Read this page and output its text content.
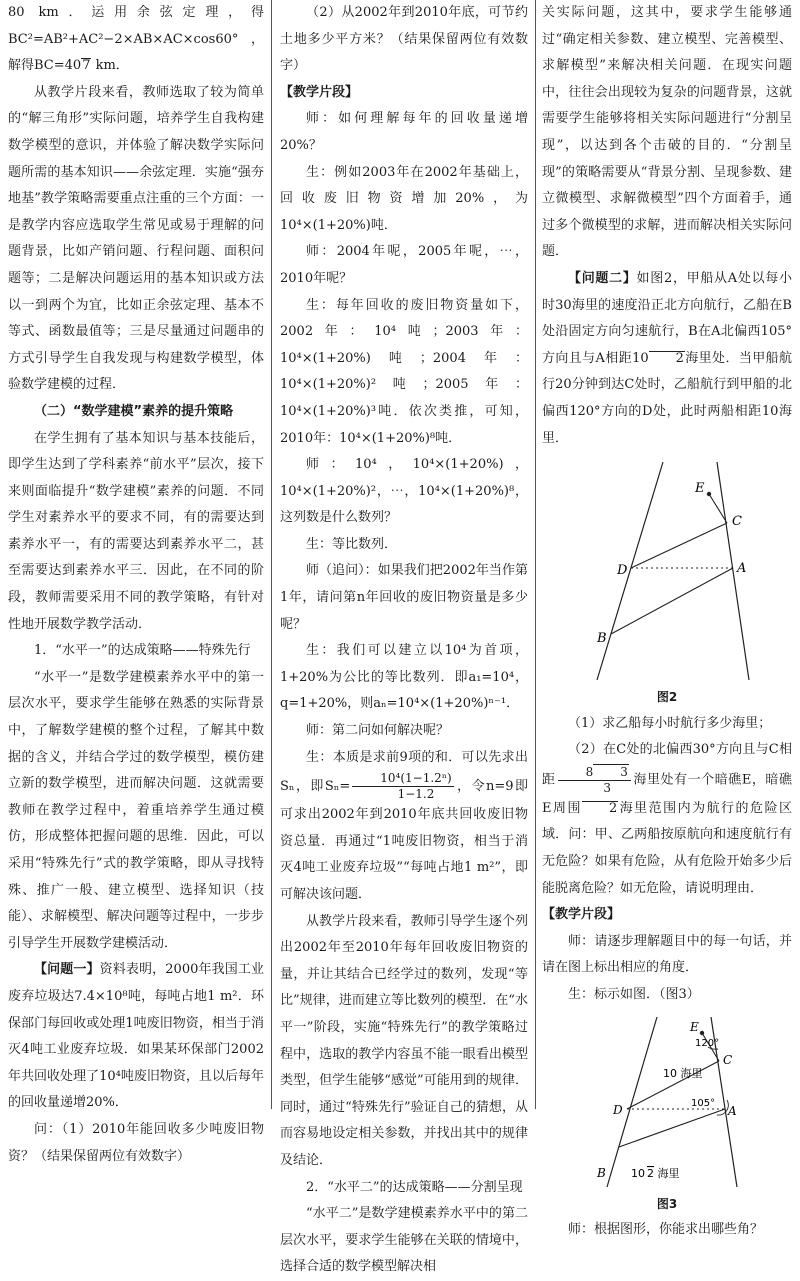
80 km．运用余弦定理，得BC²=AB²+AC²−2×AB×AC×cos60°，解得BC=407 km．

从教学片段来看，教师选取了较为简单的“解三角形”实际问题，培养学生自我构建数学模型的意识，并体验了解决数学实际问题所需的基本知识——余弦定理．实施“强夯地基”教学策略需要重点注重的三个方面：一是教学内容应选取学生常见或易于理解的问题背景，比如产销问题、行程问题、面积问题等；二是解决问题运用的基本知识或方法以一到两个为宜，比如正余弦定理、基本不等式、函数最值等；三是尽量通过问题串的方式引导学生自我发现与构建数学模型，体验数学建模的过程．

（二）“数学建模”素养的提升策略

在学生拥有了基本知识与基本技能后，即学生达到了学科素养“前水平”层次，接下来则面临提升“数学建模”素养的问题．不同学生对素养水平的要求不同，有的需要达到素养水平一，有的需要达到素养水平二，甚至需要达到素养水平三．因此，在不同的阶段，教师需要采用不同的教学策略，有针对性地开展数学教学活动．

1．“水平一”的达成策略——特殊先行

“水平一”是数学建模素养水平中的第一层次水平，要求学生能够在熟悉的实际背景中，了解数学建模的整个过程，了解其中数据的含义，并结合学过的数学模型，模仿建立新的数学模型，进而解决问题．这就需要教师在教学过程中，着重培养学生通过模仿，形成整体把握问题的思维．因此，可以采用“特殊先行”式的教学策略，即从寻找特殊、推广一般、建立模型、选择知识（技能）、求解模型、解决问题等过程中，一步步引导学生开展数学建模活动．

【问题一】资料表明，2000年我国工业废弃垃圾达7.4×10⁸吨，每吨占地1 m²．环保部门每回收或处理1吨废旧物资，相当于消灭4吨工业废弃垃圾．如果某环保部门2002年共回收处理了10⁴吨废旧物资，且以后每年的回收量递增20%．

问：（1）2010年能回收多少吨废旧物资？（结果保留两位有效数字）

（2）从2002年到2010年底，可节约土地多少平方米？（结果保留两位有效数字）

【教学片段】

师：如何理解每年的回收量递增20%？

生：例如2003年在2002年基础上，回收废旧物资增加20%，为10⁴×(1+20%)吨．

师：2004年呢，2005年呢，⋯，2010年呢？

生：每年回收的废旧物资量如下，2002年：10⁴吨；2003年：10⁴×(1+20%)吨；2004年：10⁴×(1+20%)²吨；2005年：10⁴×(1+20%)³吨．依次类推，可知，2010年：10⁴×(1+20%)⁸吨．

师：10⁴，10⁴×(1+20%)，10⁴×(1+20%)²，⋯，10⁴×(1+20%)⁸，这列数是什么数列？

生：等比数列．

师（追问）：如果我们把2002年当作第1年，请问第n年回收的废旧物资量是多少呢？

生：我们可以建立以10⁴为首项，1+20%为公比的等比数列．即a₁=10⁴，q=1+20%，则aₙ=10⁴×(1+20%)ⁿ⁻¹．

师：第二问如何解决呢？

生：本质是求前9项的和．可以先求出Sₙ，即$S_n= \frac{\text{10⁴(1−1.2ⁿ)}}{1-1.2}$ ，令n=9即可求出2002年到2010年底共回收废旧物资总量．再通过“1吨废旧物资，相当于消灭4吨工业废弃垃圾”“每吨占地1 m²”，即可解决该问题．

从教学片段来看，教师引导学生逐个列出2002年至2010年每年回收废旧物资的量，并让其结合已经学过的数列，发现“等比”规律，进而建立等比数列的模型．在“水平一”阶段，实施“特殊先行”的教学策略过程中，选取的教学内容虽不能一眼看出模型类型，但学生能够“感觉”可能用到的规律．同时，通过“特殊先行”验证自己的猜想，从而容易地设定相关参数，并找出其中的规律及结论．

2．“水平二”的达成策略——分割呈现

“水平二”是数学建模素养水平中的第二层次水平，要求学生能够在关联的情境中，选择合适的数学模型解决相

关实际问题，这其中，要求学生能够通过“确定相关参数、建立模型、完善模型、求解模型”来解决相关问题．在现实问题中，往往会出现较为复杂的问题背景，这就需要学生能够将相关实际问题进行“分割呈现”，以达到各个击破的目的．“分割呈现”的策略需要从“背景分割、呈现参数、建立微模型、求解微模型”四个方面着手，通过多个微模型的求解，进而解决相关实际问题．

【问题二】如图2，甲船从A处以每小时30海里的速度沿正北方向航行，乙船在B处沿固定方向匀速航行，B在A北偏西105°方向且与A相距10 2海里处．当甲船航行20分钟到达C处时，乙船航行到甲船的北偏西120°方向的D处，此时两船相距10海里．

E
C
D	A
B

图2

（1）求乙船每小时航行多少海里；

（2）在C处的北偏西30°方向且与C相距 $\frac{8 3}{3}$ 海里处有一个暗礁E，暗礁E周围 2海里范围内为航行的危险区域．问：甲、乙两船按原航向和速度航行有无危险？如果有危险，从有危险开始多少后能脱离危险？如无危险，请说明理由．

【教学片段】

师：请逐步理解题目中的每一句话，并请在图上标出相应的角度．

生：标示如图．（图3）

E
C
D	A
B
120°
10 海里
105°
10 2 海里

图3

师：根据图形，你能求出哪些角？
